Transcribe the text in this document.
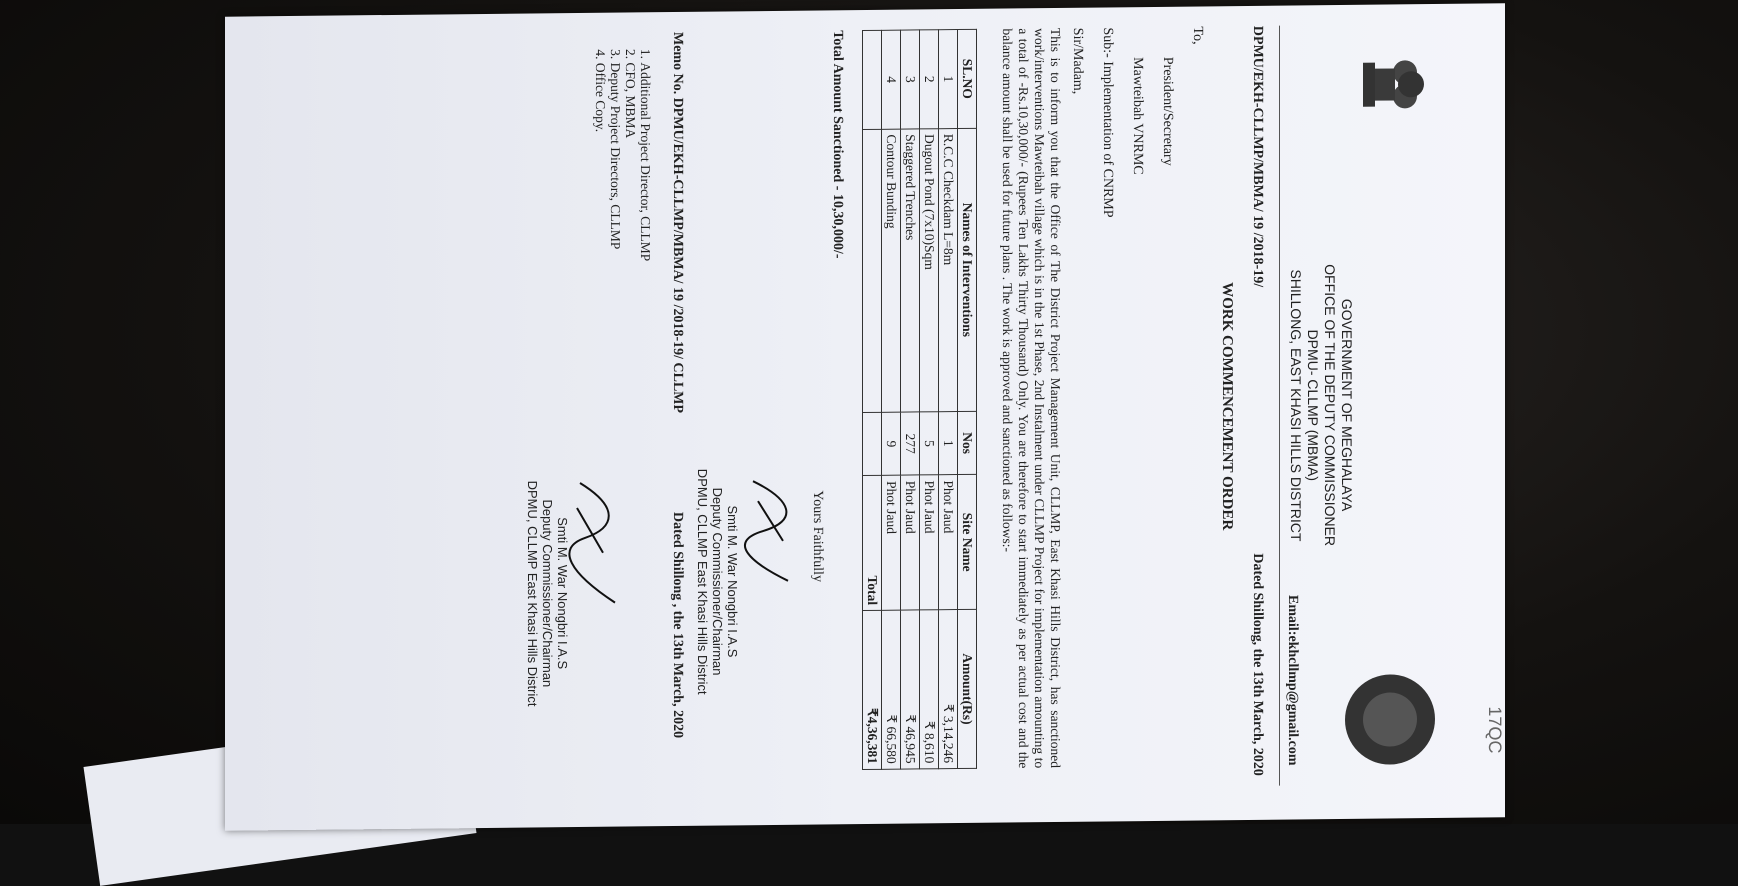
17QC
GOVERNMENT OF MEGHALAYA
OFFICE OF THE DEPUTY COMMISSIONER
DPMU- CLLMP (MBMA)
SHILLONG, EAST KHASI HILLS DISTRICT
Email:ekhcllmp@gmail.com
DPMU/EKH-CLLMP/MBMA/ 19 /2018-19/
Dated Shillong, the 13th March, 2020
WORK COMMENCEMENT ORDER
To,
President/Secretary
Mawteibah VNRMC
Sub:- Implementation of CNRMP
Sir/Madam,
This is to inform you that the Office of The District Project Management Unit, CLLMP, East Khasi Hills District, has sanctioned work/interventions Mawteibah village which is in the 1st Phase, 2nd Instalment under CLLMP Project for implementation amounting to a total of -Rs.10,30,000/- (Rupees Ten Lakhs Thirty Thousand) Only. You are therefore to start immediately as per actual cost and the balance amount shall be used for future plans . The work is approved and sanctioned as follows:-
SL.NO	Names of Interventions	Nos	Site Name	Amount(Rs)
1	R.C.C Checkdam L=8m	1	Phot Jaud	₹ 3,14,246
2	Dugout Pond (7x10)Sqm	5	Phot Jaud	₹ 8,610
3	Staggered Trenches	277	Phot Jaud	₹ 46,945
4	Contour Bunding	9	Phot Jaud	₹ 66,580
			Total	₹4,36,381
Total Amount Sanctioned - 10,30,000/-
Yours Faithfully
Smti M. War Nongbri I.A.S
Deputy Commissioner/Chairman
DPMU, CLLMP East Khasi Hills District
Memo No. DPMU/EKH-CLLMP/MBMA/ 19 /2018-19/ CLLMP
Dated Shillong , the 13th March, 2020
1. Additional Project Director, CLLMP
2. CFO, MBMA
3. Deputy Project Directors, CLLMP
4. Office Copy.
Smti M. War Nongbri I.A.S
Deputy Commissioner/Chairman
DPMU, CLLMP East Khasi Hills District
